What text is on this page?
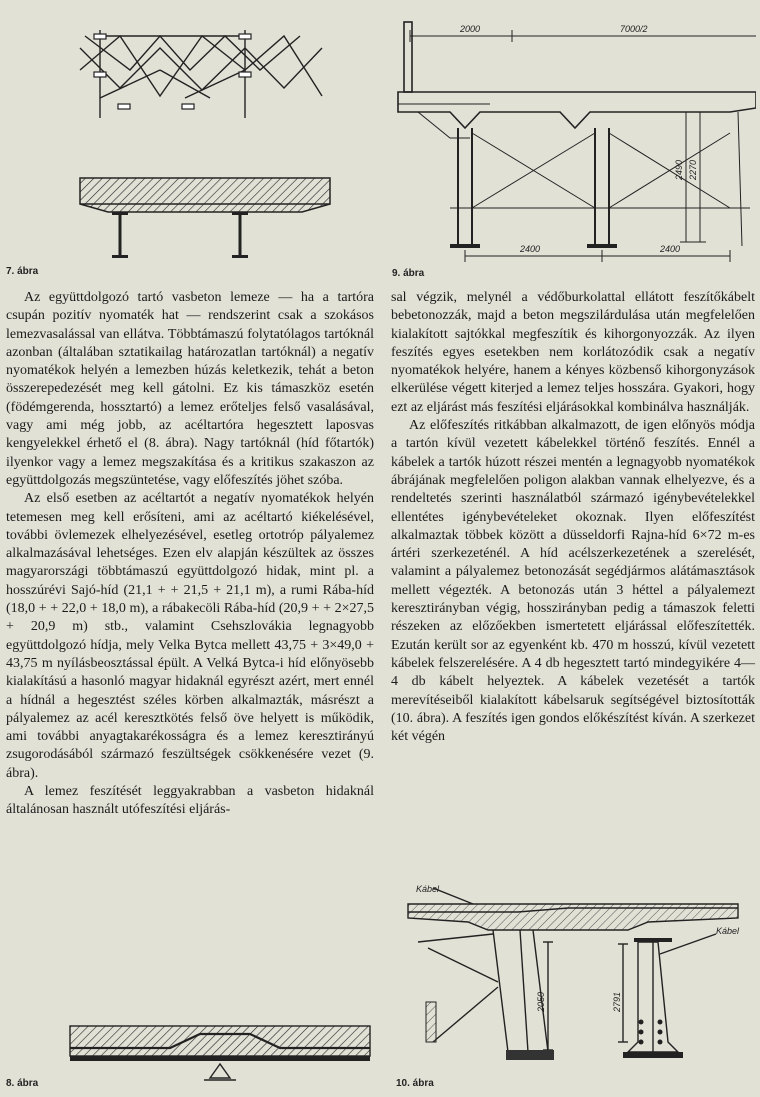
7. ábra
2000	7000/2
2400	2400
2490 2270
9. ábra

Az együttdolgozó tartó vasbeton lemeze — ha a tartóra csupán pozitív nyomaték hat — rendszerint csak a szokásos lemezvasalással van ellátva. Többtámaszú folytatólagos tartóknál azonban (általában sztatikailag határozatlan tartóknál) a negatív nyomatékok helyén a lemezben húzás keletkezik, tehát a beton összerepedezését meg kell gátolni. Ez kis támaszköz esetén (födémgerenda, hossztartó) a lemez erőteljes felső vasalásával, vagy ami még jobb, az acéltartóra hegesztett laposvas kengyelekkel érhető el (8. ábra). Nagy tartóknál (híd főtartók) ilyenkor vagy a lemez megszakítása és a kritikus szakaszon az együttdolgozás megszüntetése, vagy előfeszítés jöhet szóba.

Az első esetben az acéltartót a negatív nyomatékok helyén tetemesen meg kell erősíteni, ami az acéltartó kiékelésével, további övlemezek elhelyezésével, esetleg ortotróp pályalemez alkalmazásával lehetséges. Ezen elv alapján készültek az összes magyarországi többtámaszú együttdolgozó hidak, mint pl. a hosszúrévi Sajó-híd (21,1 + + 21,5 + 21,1 m), a rumi Rába-híd (18,0 + + 22,0 + 18,0 m), a rábakecöli Rába-híd (20,9 + + 2×27,5 + 20,9 m) stb., valamint Csehszlovákia legnagyobb együttdolgozó hídja, mely Velka Bytca mellett 43,75 + 3×49,0 + 43,75 m nyílásbeosztással épült. A Velká Bytca-i híd előnyösebb kialakítású a hasonló magyar hidaknál egyrészt azért, mert ennél a hídnál a hegesztést széles körben alkalmazták, másrészt a pályalemez az acél keresztkötés felső öve helyett is működik, ami további anyagtakarékosságra és a lemez keresztirányú zsugorodásából származó feszültségek csökkenésére vezet (9. ábra).

A lemez feszítését leggyakrabban a vasbeton hidaknál általánosan használt utófeszítési eljárás-

sal végzik, melynél a védőburkolattal ellátott feszítőkábelt bebetonozzák, majd a beton megszilárdulása után megfelelően kialakított sajtókkal megfeszítik és kihorgonyozzák. Az ilyen feszítés egyes esetekben nem korlátozódik csak a negatív nyomatékok helyére, hanem a kényes közbenső kihorgonyzások elkerülése végett kiterjed a lemez teljes hosszára. Gyakori, hogy ezt az eljárást más feszítési eljárásokkal kombinálva használják.

Az előfeszítés ritkábban alkalmazott, de igen előnyös módja a tartón kívül vezetett kábelekkel történő feszítés. Ennél a kábelek a tartók húzott részei mentén a legnagyobb nyomatékok ábrájának megfelelően poligon alakban vannak elhelyezve, és a rendeltetés szerinti használatból származó igénybevételekkel ellentétes igénybevételeket okoznak. Ilyen előfeszítést alkalmaztak többek között a düsseldorfi Rajna-híd 6×72 m-es ártéri szerkezeténél. A híd acélszerkezetének a szerelését, valamint a pályalemez betonozását segédjármos alátámasztások mellett végezték. A betonozás után 3 héttel a pályalemezt keresztirányban végig, hosszirányban pedig a támaszok feletti részeken az előzőekben ismertetett eljárással előfeszítették. Ezután került sor az egyenként kb. 470 m hosszú, kívül vezetett kábelek felszerelésére. A 4 db hegesztett tartó mindegyikére 4—4 db kábelt helyeztek. A kábelek vezetését a tartók merevítéseiből kialakított kábelsaruk segítségével biztosították (10. ábra). A feszítés igen gondos előkészítést kíván. A szerkezet két végén

8. ábra
Kábel
Kábel
2050	2791
10. ábra
